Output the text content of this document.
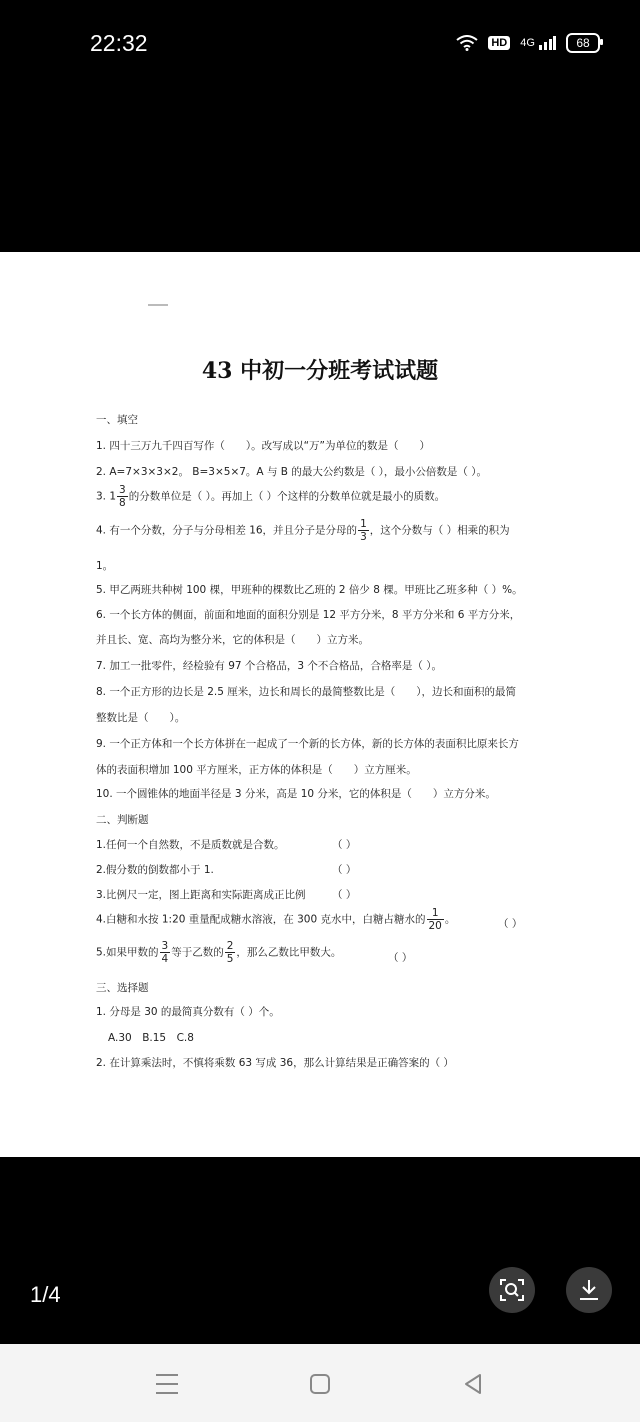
22:32	HD 4G	68
43 中初一分班考试试题
一、填空
1. 四十三万九千四百写作（　　）。改写成以“万”为单位的数是（　　）
2. A=7×3×3×2。 B=3×5×7。A 与 B 的最大公约数是（ ），最小公倍数是（ ）。
3. $1 \frac{3}{8}$ 的分数单位是（ ）。再加上（ ）个这样的分数单位就是最小的质数。
4. 有一个分数，分子与分母相差 16，并且分子是分母的 $\frac{1}{3}$ ，这个分数与（ ）相乘的积为
1。
5. 甲乙两班共种树 100 棵，甲班种的棵数比乙班的 2 倍少 8 棵。甲班比乙班多种（ ）%。
6. 一个长方体的侧面，前面和地面的面积分别是 12 平方分米，8 平方分米和 6 平方分米，
并且长、宽、高均为整分米，它的体积是（　　）立方米。
7. 加工一批零件，经检验有 97 个合格品，3 个不合格品，合格率是（ ）。
8. 一个正方形的边长是 2.5 厘米，边长和周长的最简整数比是（　　），边长和面积的最简
整数比是（　　）。
9. 一个正方体和一个长方体拼在一起成了一个新的长方体，新的长方体的表面积比原来长方
体的表面积增加 100 平方厘米，正方体的体积是（　　）立方厘米。
10. 一个圆锥体的地面半径是 3 分米，高是 10 分米，它的体积是（　　）立方分米。
二、判断题
1.任何一个自然数，不是质数就是合数。	（ ）
2.假分数的倒数都小于 1.	（ ）
3.比例尺一定，图上距离和实际距离成正比例	（ ）
4.白糖和水按 1:20 重量配成糖水溶液，在 300 克水中，白糖占糖水的 $\frac{1}{20}$ 。	（ ）
5.如果甲数的 $\frac{3}{4}$ 等于乙数的 $\frac{2}{5}$ ，那么乙数比甲数大。	（ ）
三、选择题
1. 分母是 30 的最简真分数有（ ）个。
A.30　B.15　C.8
2. 在计算乘法时，不慎将乘数 63 写成 36，那么计算结果是正确答案的（ ）
1/4
